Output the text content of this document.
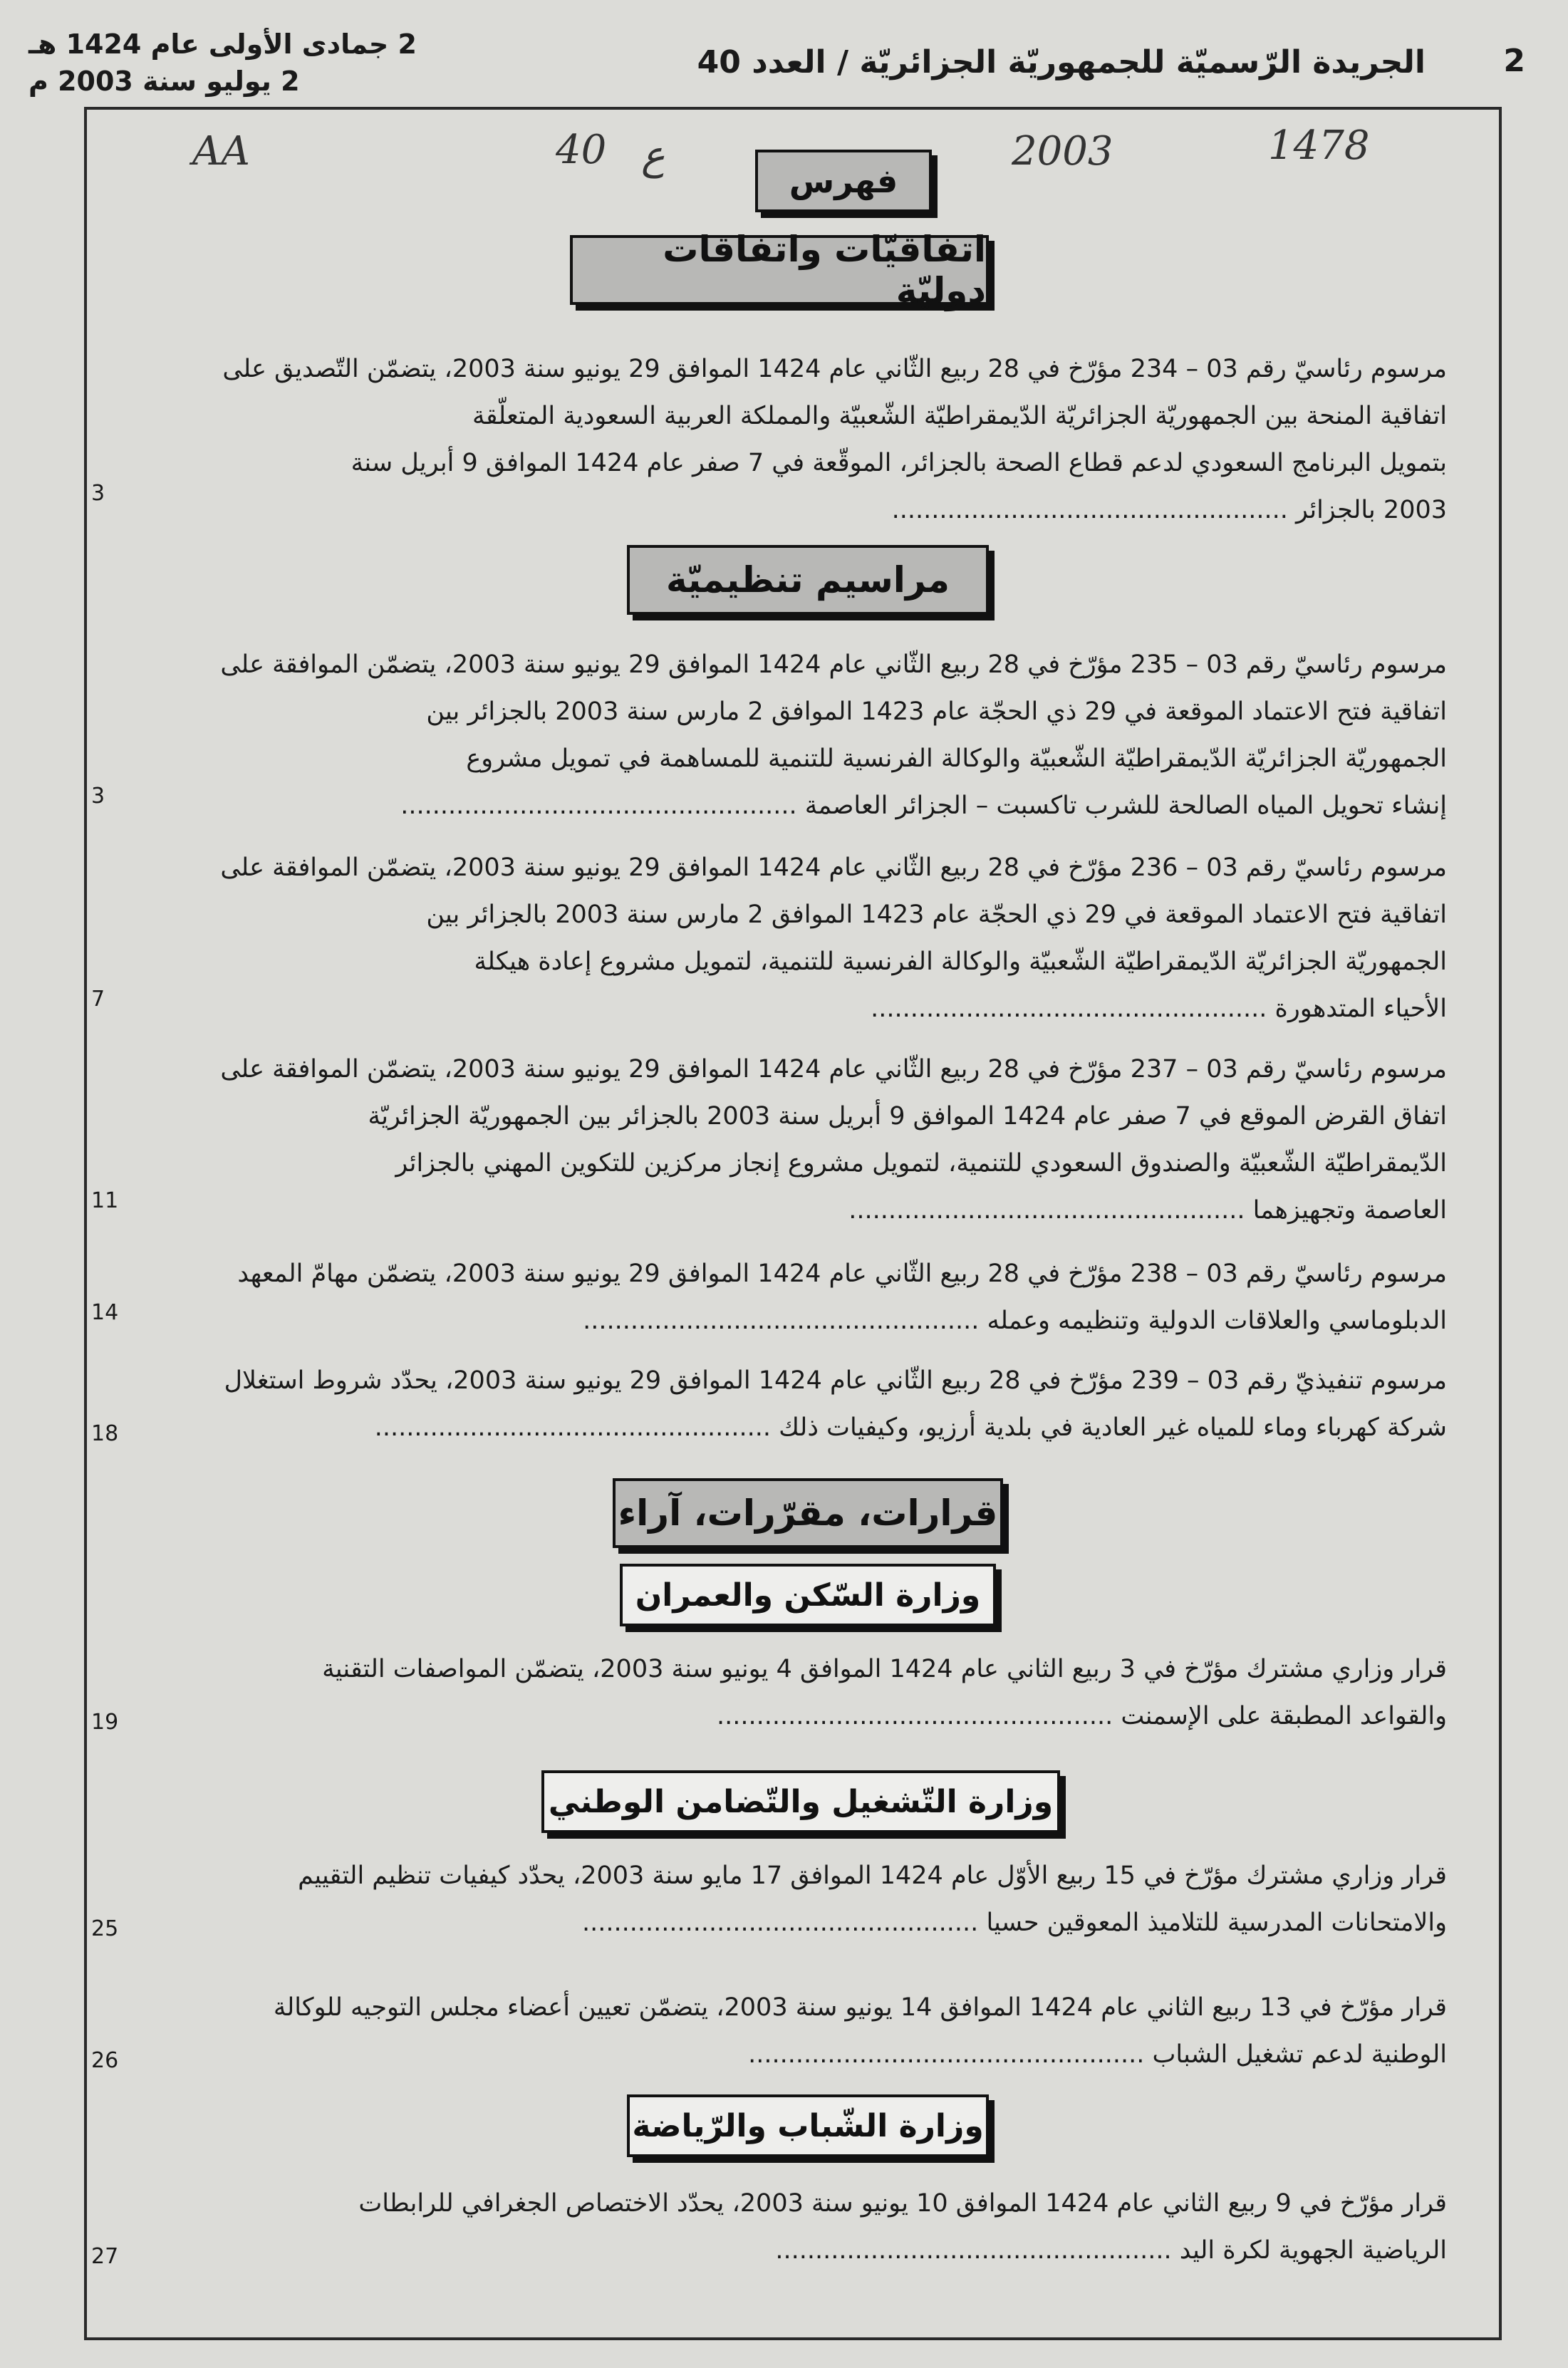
2
الجريدة الرّسميّة للجمهوريّة الجزائريّة / العدد 40
2 جمادى الأولى عام 1424 هـ
2 يوليو سنة 2003 م
AA	40 ع	2003	1478
فهرس
اتفاقيّات واتفاقات دوليّة
مرسوم رئاسيّ رقم 03 – 234 مؤرّخ في 28 ربيع الثّاني عام 1424 الموافق 29 يونيو سنة 2003، يتضمّن التّصديق على
اتفاقية المنحة بين الجمهوريّة الجزائريّة الدّيمقراطيّة الشّعبيّة والمملكة العربية السعودية المتعلّقة
بتمويل البرنامج السعودي لدعم قطاع الصحة بالجزائر، الموقّعة في 7 صفر عام 1424 الموافق 9 أبريل سنة
2003 بالجزائر ..................................................
3
مراسيم تنظيميّة
مرسوم رئاسيّ رقم 03 – 235 مؤرّخ في 28 ربيع الثّاني عام 1424 الموافق 29 يونيو سنة 2003، يتضمّن الموافقة على
اتفاقية فتح الاعتماد الموقعة في 29 ذي الحجّة عام 1423 الموافق 2 مارس سنة 2003 بالجزائر بين
الجمهوريّة الجزائريّة الدّيمقراطيّة الشّعبيّة والوكالة الفرنسية للتنمية للمساهمة في تمويل مشروع
إنشاء تحويل المياه الصالحة للشرب تاكسبت – الجزائر العاصمة ..................................................
3
مرسوم رئاسيّ رقم 03 – 236 مؤرّخ في 28 ربيع الثّاني عام 1424 الموافق 29 يونيو سنة 2003، يتضمّن الموافقة على
اتفاقية فتح الاعتماد الموقعة في 29 ذي الحجّة عام 1423 الموافق 2 مارس سنة 2003 بالجزائر بين
الجمهوريّة الجزائريّة الدّيمقراطيّة الشّعبيّة والوكالة الفرنسية للتنمية، لتمويل مشروع إعادة هيكلة
الأحياء المتدهورة ..................................................
7
مرسوم رئاسيّ رقم 03 – 237 مؤرّخ في 28 ربيع الثّاني عام 1424 الموافق 29 يونيو سنة 2003، يتضمّن الموافقة على
اتفاق القرض الموقع في 7 صفر عام 1424 الموافق 9 أبريل سنة 2003 بالجزائر بين الجمهوريّة الجزائريّة
الدّيمقراطيّة الشّعبيّة والصندوق السعودي للتنمية، لتمويل مشروع إنجاز مركزين للتكوين المهني بالجزائر
العاصمة وتجهيزهما ..................................................
11
مرسوم رئاسيّ رقم 03 – 238 مؤرّخ في 28 ربيع الثّاني عام 1424 الموافق 29 يونيو سنة 2003، يتضمّن مهامّ المعهد
الدبلوماسي والعلاقات الدولية وتنظيمه وعمله ..................................................
14
مرسوم تنفيذيّ رقم 03 – 239 مؤرّخ في 28 ربيع الثّاني عام 1424 الموافق 29 يونيو سنة 2003، يحدّد شروط استغلال
شركة كهرباء وماء للمياه غير العادية في بلدية أرزيو، وكيفيات ذلك ..................................................
18
قرارات، مقرّرات، آراء
وزارة السّكن والعمران
قرار وزاري مشترك مؤرّخ في 3 ربيع الثاني عام 1424 الموافق 4 يونيو سنة 2003، يتضمّن المواصفات التقنية
والقواعد المطبقة على الإسمنت ..................................................
19
وزارة التّشغيل والتّضامن الوطني
قرار وزاري مشترك مؤرّخ في 15 ربيع الأوّل عام 1424 الموافق 17 مايو سنة 2003، يحدّد كيفيات تنظيم التقييم
والامتحانات المدرسية للتلاميذ المعوقين حسيا ..................................................
25
قرار مؤرّخ في 13 ربيع الثاني عام 1424 الموافق 14 يونيو سنة 2003، يتضمّن تعيين أعضاء مجلس التوجيه للوكالة
الوطنية لدعم تشغيل الشباب ..................................................
26
وزارة الشّباب والرّياضة
قرار مؤرّخ في 9 ربيع الثاني عام 1424 الموافق 10 يونيو سنة 2003، يحدّد الاختصاص الجغرافي للرابطات
الرياضية الجهوية لكرة اليد ..................................................
27
